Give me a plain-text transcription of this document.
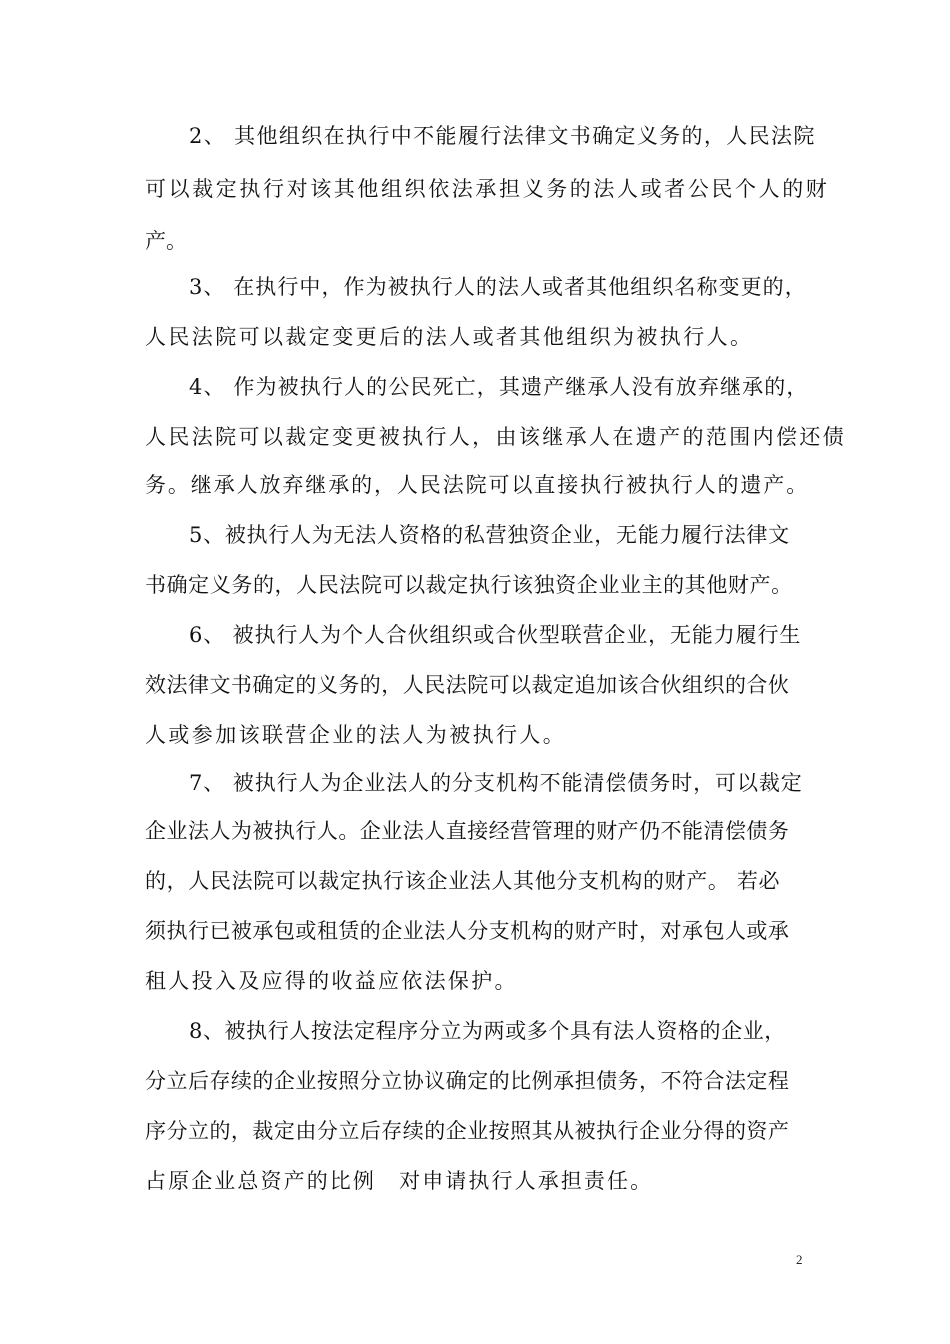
2、 其他组织在执行中不能履行法律文书确定义务的，人民法院
可以裁定执行对该其他组织依法承担义务的法人或者公民个人的财
产。
3、 在执行中，作为被执行人的法人或者其他组织名称变更的，
人民法院可以裁定变更后的法人或者其他组织为被执行人。
4、 作为被执行人的公民死亡，其遗产继承人没有放弃继承的，
人民法院可以裁定变更被执行人，由该继承人在遗产的范围内偿还债
务。继承人放弃继承的，人民法院可以直接执行被执行人的遗产。
5、被执行人为无法人资格的私营独资企业，无能力履行法律文
书确定义务的，人民法院可以裁定执行该独资企业业主的其他财产。
6、 被执行人为个人合伙组织或合伙型联营企业，无能力履行生
效法律文书确定的义务的，人民法院可以裁定追加该合伙组织的合伙
人或参加该联营企业的法人为被执行人。
7、 被执行人为企业法人的分支机构不能清偿债务时，可以裁定
企业法人为被执行人。企业法人直接经营管理的财产仍不能清偿债务
的，人民法院可以裁定执行该企业法人其他分支机构的财产。 若必
须执行已被承包或租赁的企业法人分支机构的财产时，对承包人或承
租人投入及应得的收益应依法保护。
8、被执行人按法定程序分立为两或多个具有法人资格的企业，
分立后存续的企业按照分立协议确定的比例承担债务，不符合法定程
序分立的，裁定由分立后存续的企业按照其从被执行企业分得的资产
占原企业总资产的比例　对申请执行人承担责任。
2
